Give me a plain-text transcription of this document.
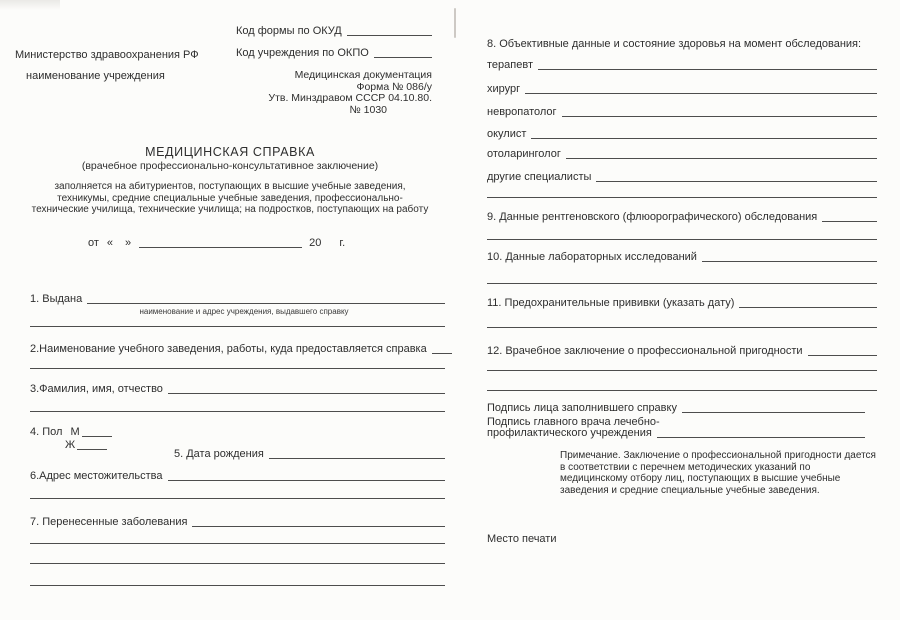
Министерство здравоохранения РФ
наименование учреждения
Код формы по ОКУД
Код учреждения по ОКПО
Медицинская документация
Форма № 086/у
Утв. Минздравом СССР 04.10.80.
№ 1030
МЕДИЦИНСКАЯ СПРАВКА
(врачебное профессионально-консультативное заключение)
заполняется на абитуриентов, поступающих в высшие учебные заведения, техникумы, средние специальные учебные заведения, профессионально-технические училища, технические училища; на подростков, поступающих на работу
от « »	20 г.
1. Выдана
наименование и адрес учреждения, выдавшего справку
2.Наименование учебного заведения, работы, куда предоставляется справка
3.Фамилия, имя, отчество
4. Пол М
Ж
5. Дата рождения
6.Адрес местожительства
7. Перенесенные заболевания
8. Объективные данные и состояние здоровья на момент обследования:
терапевт
хирург
невропатолог
окулист
отоларинголог
другие специалисты
9. Данные рентгеновского (флюорографического) обследования
10. Данные лабораторных исследований
11. Предохранительные прививки (указать дату)
12. Врачебное заключение о профессиональной пригодности
Подпись лица заполнившего справку
Подпись главного врача лечебно-
профилактического учреждения
Примечание. Заключение о профессиональной пригодности дается в соответствии с перечнем методических указаний по медицинскому отбору лиц, поступающих в высшие учебные заведения и средние специальные учебные заведения.
Место печати
